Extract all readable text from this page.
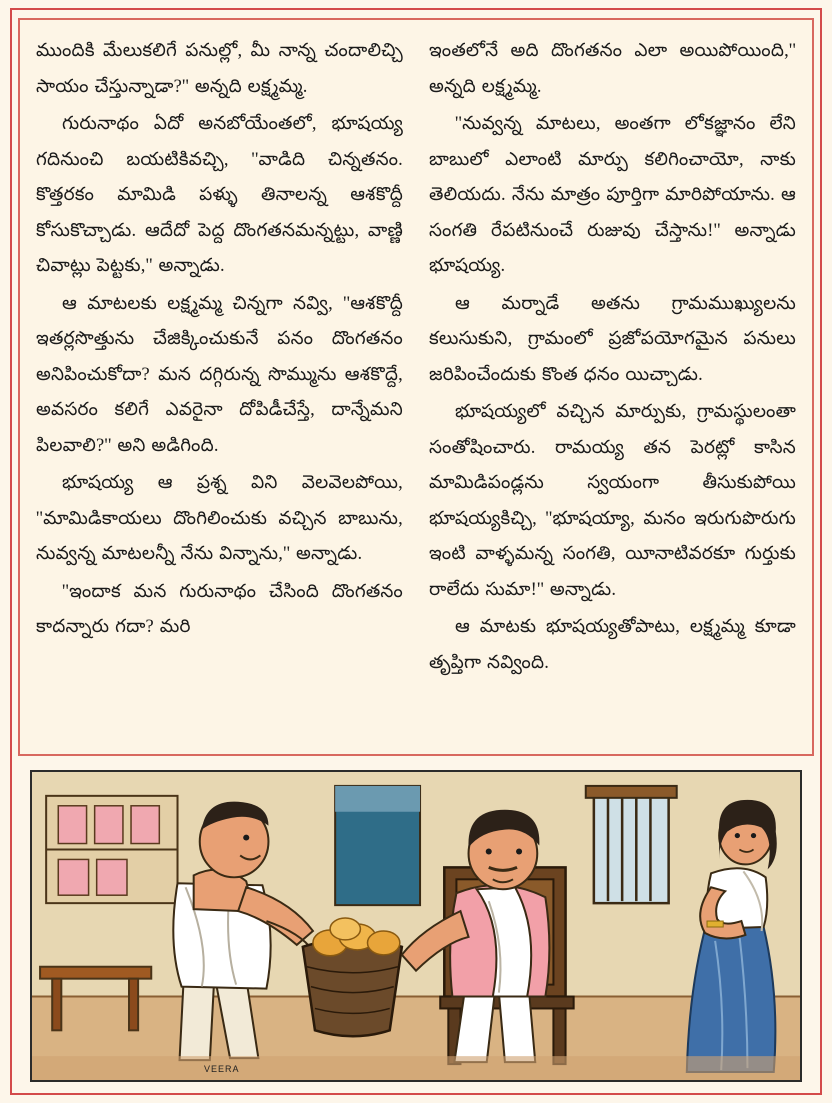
ముందికి మేలుకలిగే పనుల్లో, మీ నాన్న చందాలిచ్చి సాయం చేస్తున్నాడా?'' అన్నది లక్ష్మమ్మ.

గురునాథం ఏదో అనబోయేంతలో, భూషయ్య గదినుంచి బయటికివచ్చి, ''వాడిది చిన్నతనం. కొత్తరకం మామిడి పళ్ళు తినాలన్న ఆశకొద్దీ కోసుకొచ్చాడు. ఆదేదో పెద్ద దొంగతనమన్నట్టు, వాణ్ణి చివాట్లు పెట్టకు,'' అన్నాడు.

ఆ మాటలకు లక్ష్మమ్మ చిన్నగా నవ్వి, ''ఆశకొద్దీ ఇతర్లసొత్తును చేజిక్కించుకునే పనం దొంగతనం అనిపించుకోదా? మన దగ్గిరున్న సొమ్మును ఆశకొద్దే, అవసరం కలిగే ఎవరైనా దోపిడీచేస్తే, దాన్నేమని పిలవాలి?'' అని అడిగింది.

భూషయ్య ఆ ప్రశ్న విని వెలవెలపోయి, ''మామిడికాయలు దొంగిలించుకు వచ్చిన బాబును, నువ్వన్న మాటలన్నీ నేను విన్నాను,'' అన్నాడు.

''ఇందాక మన గురునాథం చేసింది దొంగతనం కాదన్నారు గదా? మరి

ఇంతలోనే అది దొంగతనం ఎలా అయిపోయింది,'' అన్నది లక్ష్మమ్మ.

''నువ్వన్న మాటలు, అంతగా లోకజ్ఞానం లేని బాబులో ఎలాంటి మార్పు కలిగించాయో, నాకు తెలియదు. నేను మాత్రం పూర్తిగా మారిపోయాను. ఆ సంగతి రేపటినుంచే రుజువు చేస్తాను!'' అన్నాడు భూషయ్య.

ఆ మర్నాడే అతను గ్రామముఖ్యులను కలుసుకుని, గ్రామంలో ప్రజోపయోగమైన పనులు జరిపించేందుకు కొంత ధనం యిచ్చాడు.

భూషయ్యలో వచ్చిన మార్పుకు, గ్రామస్థులంతా సంతోషించారు. రామయ్య తన పెరట్లో కాసిన మామిడిపండ్లను స్వయంగా తీసుకుపోయి భూషయ్యకిచ్చి, ''భూషయ్యా, మనం ఇరుగుపొరుగు ఇంటి వాళ్ళమన్న సంగతి, యీనాటివరకూ గుర్తుకు రాలేదు సుమా!'' అన్నాడు.

ఆ మాటకు భూషయ్యతోపాటు, లక్ష్మమ్మ కూడా తృప్తిగా నవ్వింది.

VEERA
